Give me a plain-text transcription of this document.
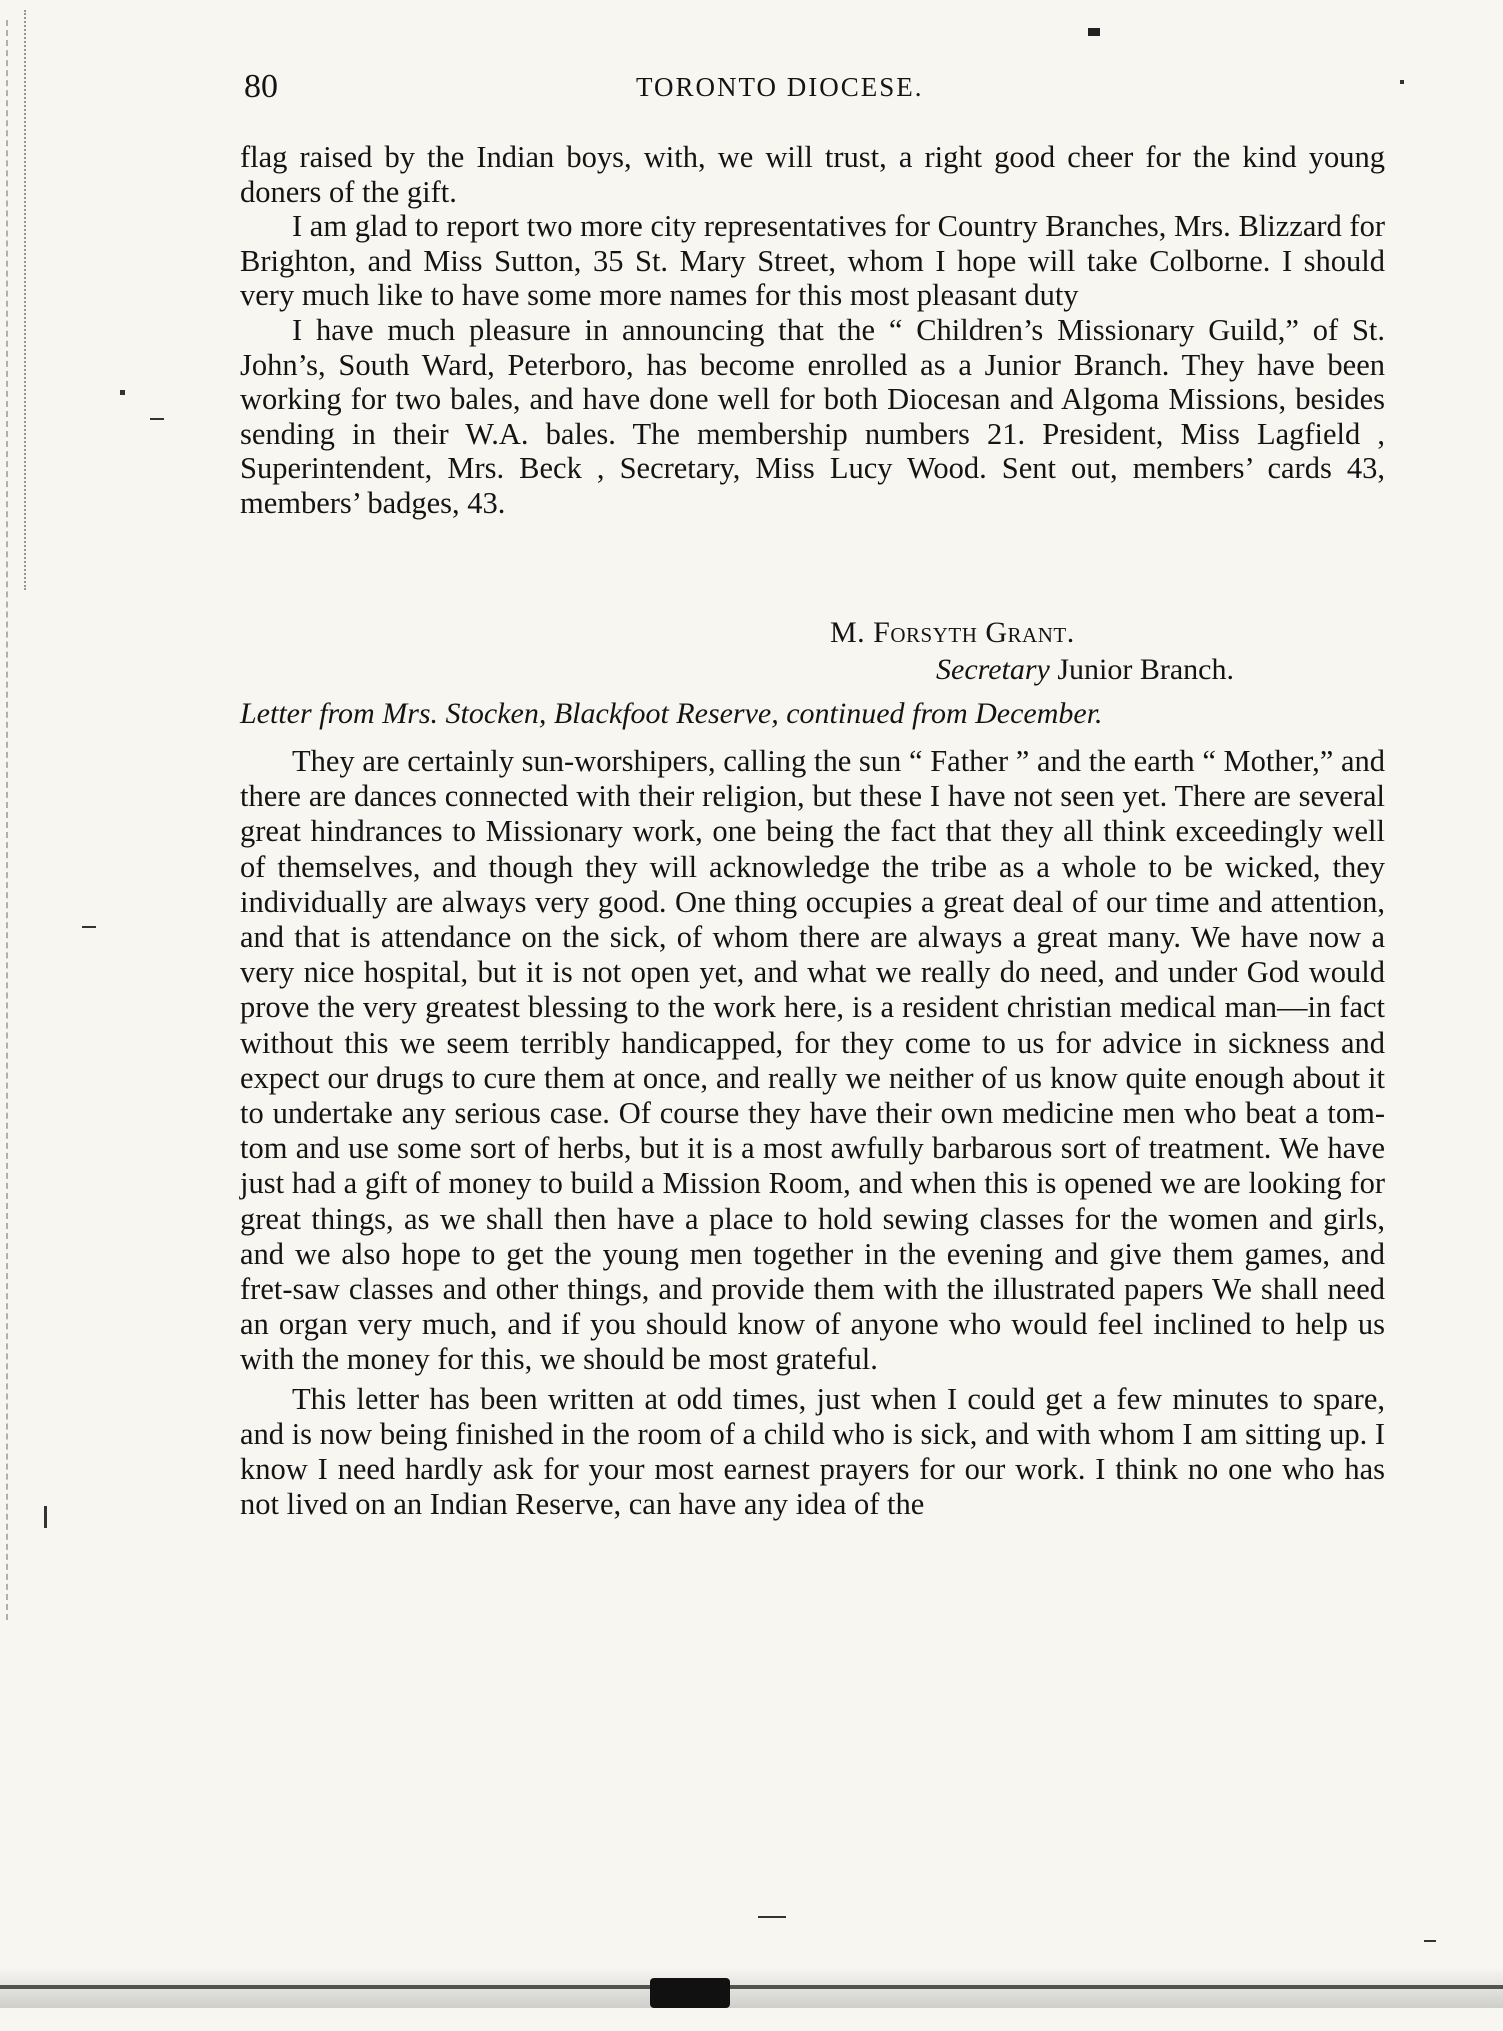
80	TORONTO DIOCESE.

flag raised by the Indian boys, with, we will trust, a right good cheer for the kind young doners of the gift.

I am glad to report two more city representatives for Country Branches, Mrs. Blizzard for Brighton, and Miss Sutton, 35 St. Mary Street, whom I hope will take Colborne. I should very much like to have some more names for this most pleasant duty

I have much pleasure in announcing that the “ Children’s Missionary Guild,” of St. John’s, South Ward, Peterboro, has become enrolled as a Junior Branch. They have been working for two bales, and have done well for both Diocesan and Algoma Missions, besides sending in their W.A. bales. The membership numbers 21. President, Miss Lagfield , Superintendent, Mrs. Beck , Secretary, Miss Lucy Wood. Sent out, members’ cards 43, members’ badges, 43.

M. Forsyth Grant.
Secretary Junior Branch.
Letter from Mrs. Stocken, Blackfoot Reserve, continued from December.

They are certainly sun-worshipers, calling the sun “ Father ” and the earth “ Mother,” and there are dances connected with their religion, but these I have not seen yet. There are several great hindrances to Missionary work, one being the fact that they all think exceedingly well of themselves, and though they will acknowledge the tribe as a whole to be wicked, they individually are always very good. One thing occupies a great deal of our time and attention, and that is attendance on the sick, of whom there are always a great many. We have now a very nice hospital, but it is not open yet, and what we really do need, and under God would prove the very greatest blessing to the work here, is a resident christian medical man—in fact without this we seem terribly handicapped, for they come to us for advice in sickness and expect our drugs to cure them at once, and really we neither of us know quite enough about it to undertake any serious case. Of course they have their own medicine men who beat a tom-tom and use some sort of herbs, but it is a most awfully barbarous sort of treatment. We have just had a gift of money to build a Mission Room, and when this is opened we are looking for great things, as we shall then have a place to hold sewing classes for the women and girls, and we also hope to get the young men together in the evening and give them games, and fret-saw classes and other things, and provide them with the illustrated papers We shall need an organ very much, and if you should know of anyone who would feel inclined to help us with the money for this, we should be most grateful.

This letter has been written at odd times, just when I could get a few minutes to spare, and is now being finished in the room of a child who is sick, and with whom I am sitting up. I know I need hardly ask for your most earnest prayers for our work. I think no one who has not lived on an Indian Reserve, can have any idea of the
